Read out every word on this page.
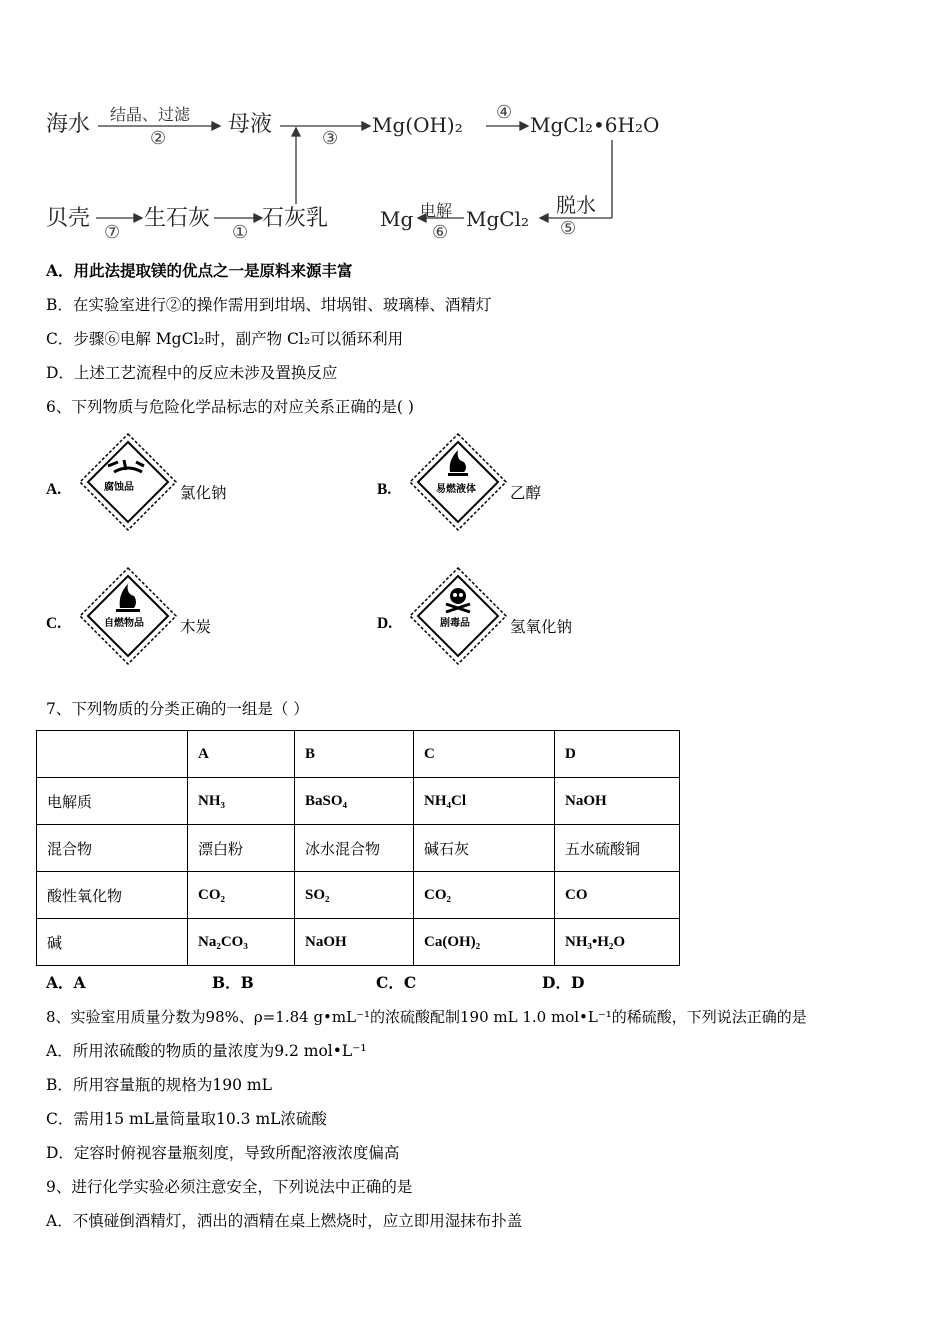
海水 结晶、过滤
②
母液
③
Mg(OH)₂
④
MgCl₂•6H₂O
贝壳
⑦
生石灰
①
石灰乳	Mg 电解
⑥
MgCl₂
脱水
⑤
A．用此法提取镁的优点之一是原料来源丰富
B．在实验室进行②的操作需用到坩埚、坩埚钳、玻璃棒、酒精灯
C．步骤⑥电解 MgCl₂时，副产物 Cl₂可以循环利用
D．上述工艺流程中的反应未涉及置换反应
6、下列物质与危险化学品标志的对应关系正确的是( )
A.	腐蚀品	氯化钠	B.	易燃液体 乙醇
C.	自燃物品 木炭	D.	剧毒品	氢氧化钠
7、下列物质的分类正确的一组是（ ）
	A	B	C	D
电解质	NH₃	BaSO₄	NH₄Cl	NaOH
混合物	漂白粉	冰水混合物	碱石灰	五水硫酸铜
酸性氧化物	CO₂	SO₂	CO₂	CO
碱	Na₂CO₃	NaOH	Ca(OH)₂	NH₃•H₂O
A．A	B．B	C．C	D．D
8、实验室用质量分数为98%、ρ=1.84 g•mL⁻¹的浓硫酸配制190 mL 1.0 mol•L⁻¹的稀硫酸，下列说法正确的是
A．所用浓硫酸的物质的量浓度为9.2 mol•L⁻¹
B．所用容量瓶的规格为190 mL
C．需用15 mL量筒量取10.3 mL浓硫酸
D．定容时俯视容量瓶刻度，导致所配溶液浓度偏高
9、进行化学实验必须注意安全，下列说法中正确的是
A．不慎碰倒酒精灯，洒出的酒精在桌上燃烧时，应立即用湿抹布扑盖
